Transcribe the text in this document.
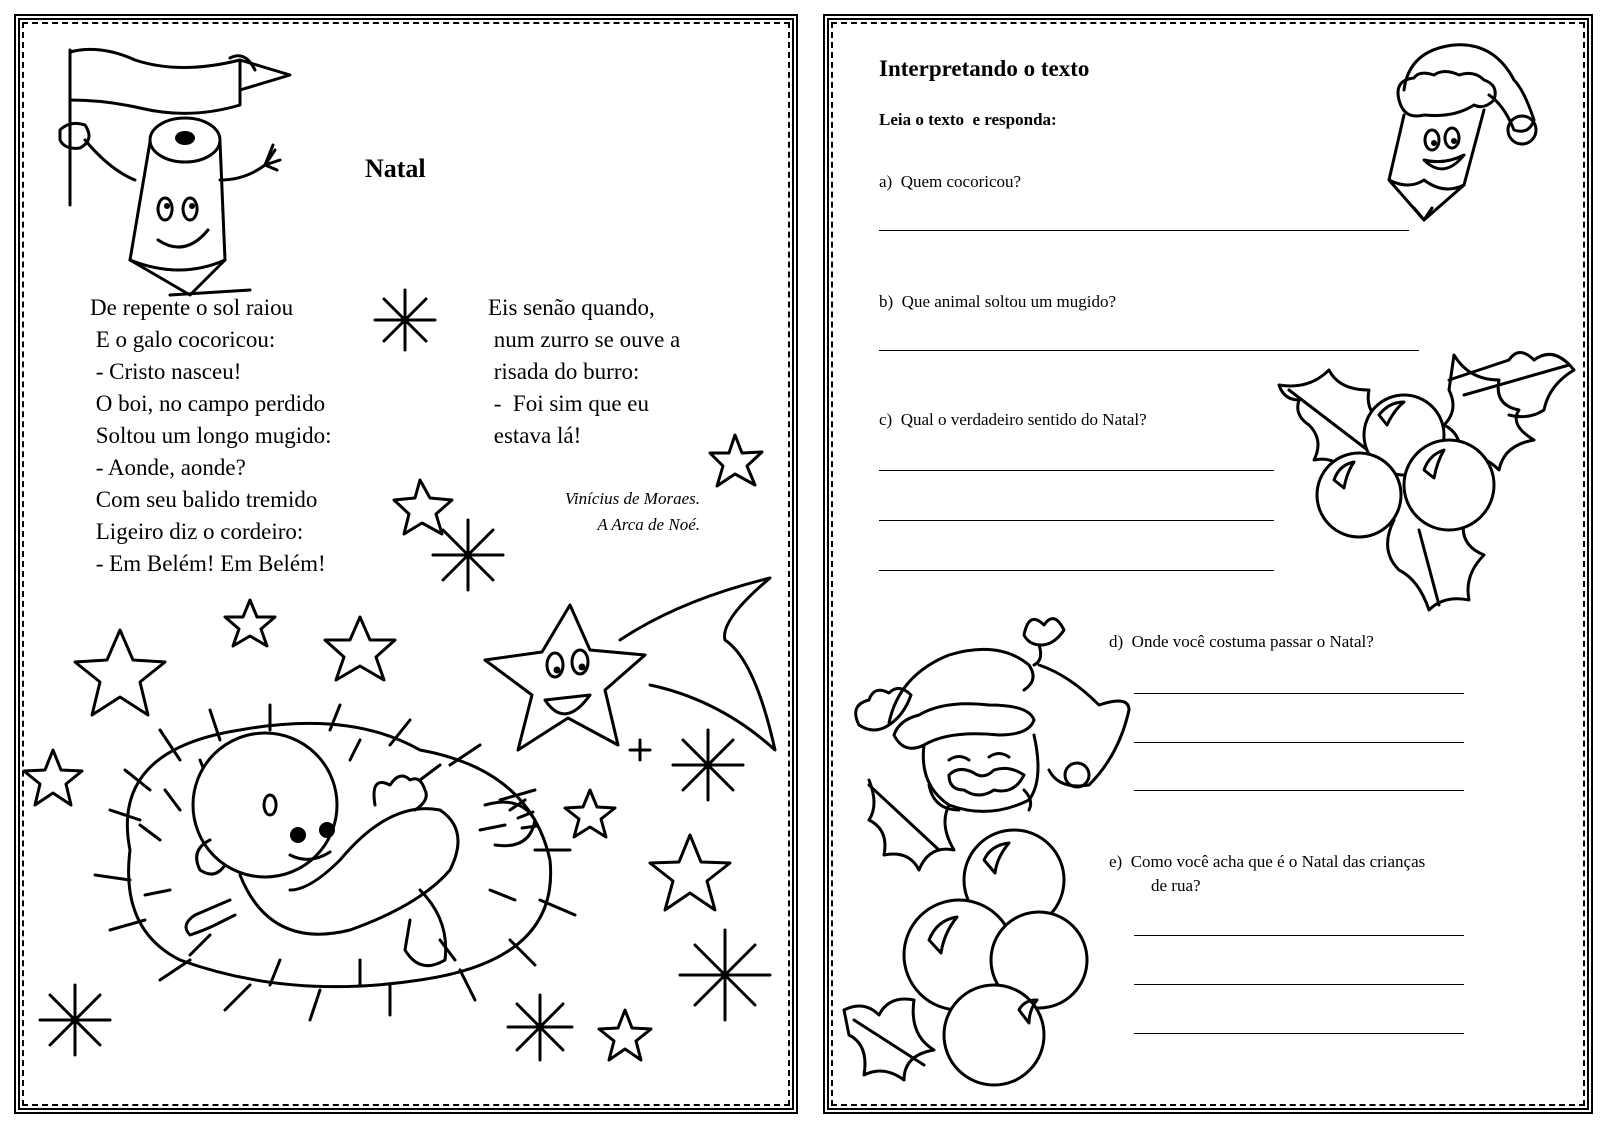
Natal
De repente o sol raiou
E o galo cocoricou:
- Cristo nasceu!
O boi, no campo perdido
Soltou um longo mugido:
- Aonde, aonde?
Com seu balido tremido
Ligeiro diz o cordeiro:
- Em Belém! Em Belém!
Eis senão quando,
num zurro se ouve a
risada do burro:
-  Foi sim que eu
estava lá!
Vinícius de Moraes.
A Arca de Noé.
Interpretando o texto
Leia o texto  e responda:
a) Quem cocoricou?
b) Que animal soltou um mugido?
c) Qual o verdadeiro sentido do Natal?
d) Onde você costuma passar o Natal?
e) Como você acha que é o Natal das crianças
de rua?
